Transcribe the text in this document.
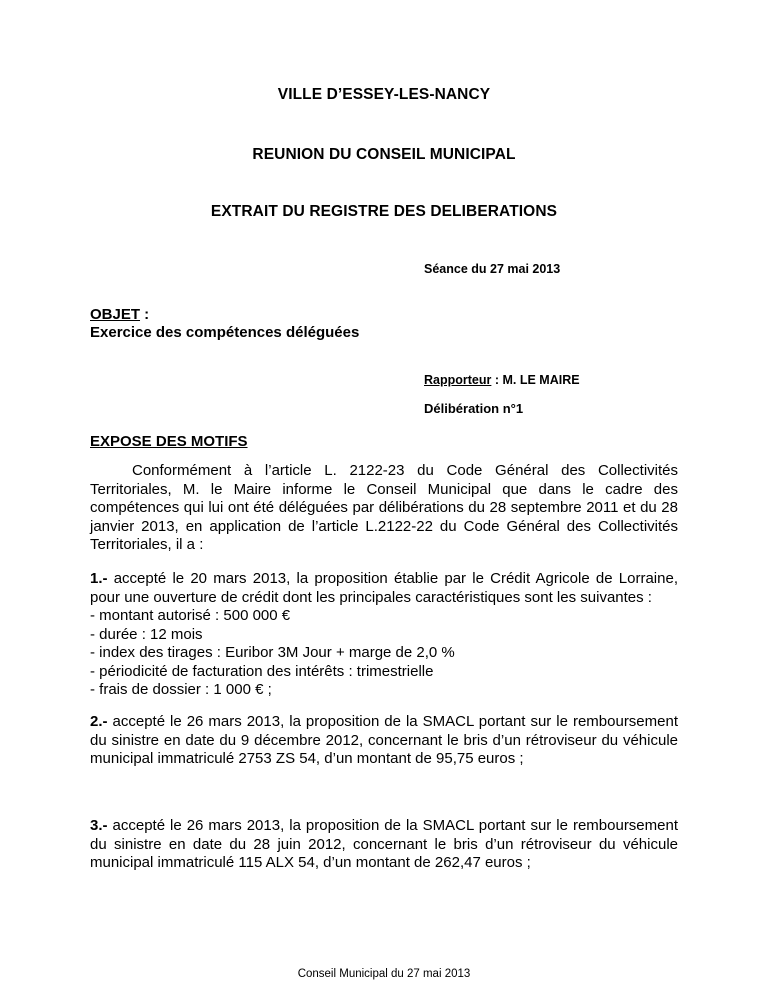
VILLE D’ESSEY-LES-NANCY
REUNION DU CONSEIL MUNICIPAL
EXTRAIT DU REGISTRE DES DELIBERATIONS
Séance du 27 mai 2013
OBJET :
Exercice des compétences déléguées
Rapporteur : M. LE MAIRE
Délibération n°1
EXPOSE DES MOTIFS
Conformément à l’article L. 2122-23 du Code Général des Collectivités Territoriales, M. le Maire informe le Conseil Municipal que dans le cadre des compétences qui lui ont été déléguées par délibérations du 28 septembre 2011 et du 28 janvier 2013, en application de l’article L.2122-22 du Code Général des Collectivités Territoriales, il a :
1.- accepté le 20 mars 2013, la proposition établie par le Crédit Agricole de Lorraine, pour une ouverture de crédit dont les principales caractéristiques sont les suivantes :
- montant autorisé : 500 000 €
- durée : 12 mois
- index des tirages : Euribor 3M Jour + marge de 2,0 %
- périodicité de facturation des intérêts : trimestrielle
- frais de dossier : 1 000 € ;
2.- accepté le 26 mars 2013, la proposition de la SMACL portant sur le remboursement du sinistre en date du 9 décembre 2012, concernant le bris d’un rétroviseur du véhicule municipal immatriculé 2753 ZS 54, d’un montant de 95,75 euros ;
3.- accepté le 26 mars 2013, la proposition de la SMACL portant sur le remboursement du sinistre en date du 28 juin 2012, concernant le bris d’un rétroviseur du véhicule municipal immatriculé 115 ALX 54, d’un montant de 262,47 euros ;
Conseil Municipal du 27 mai 2013
